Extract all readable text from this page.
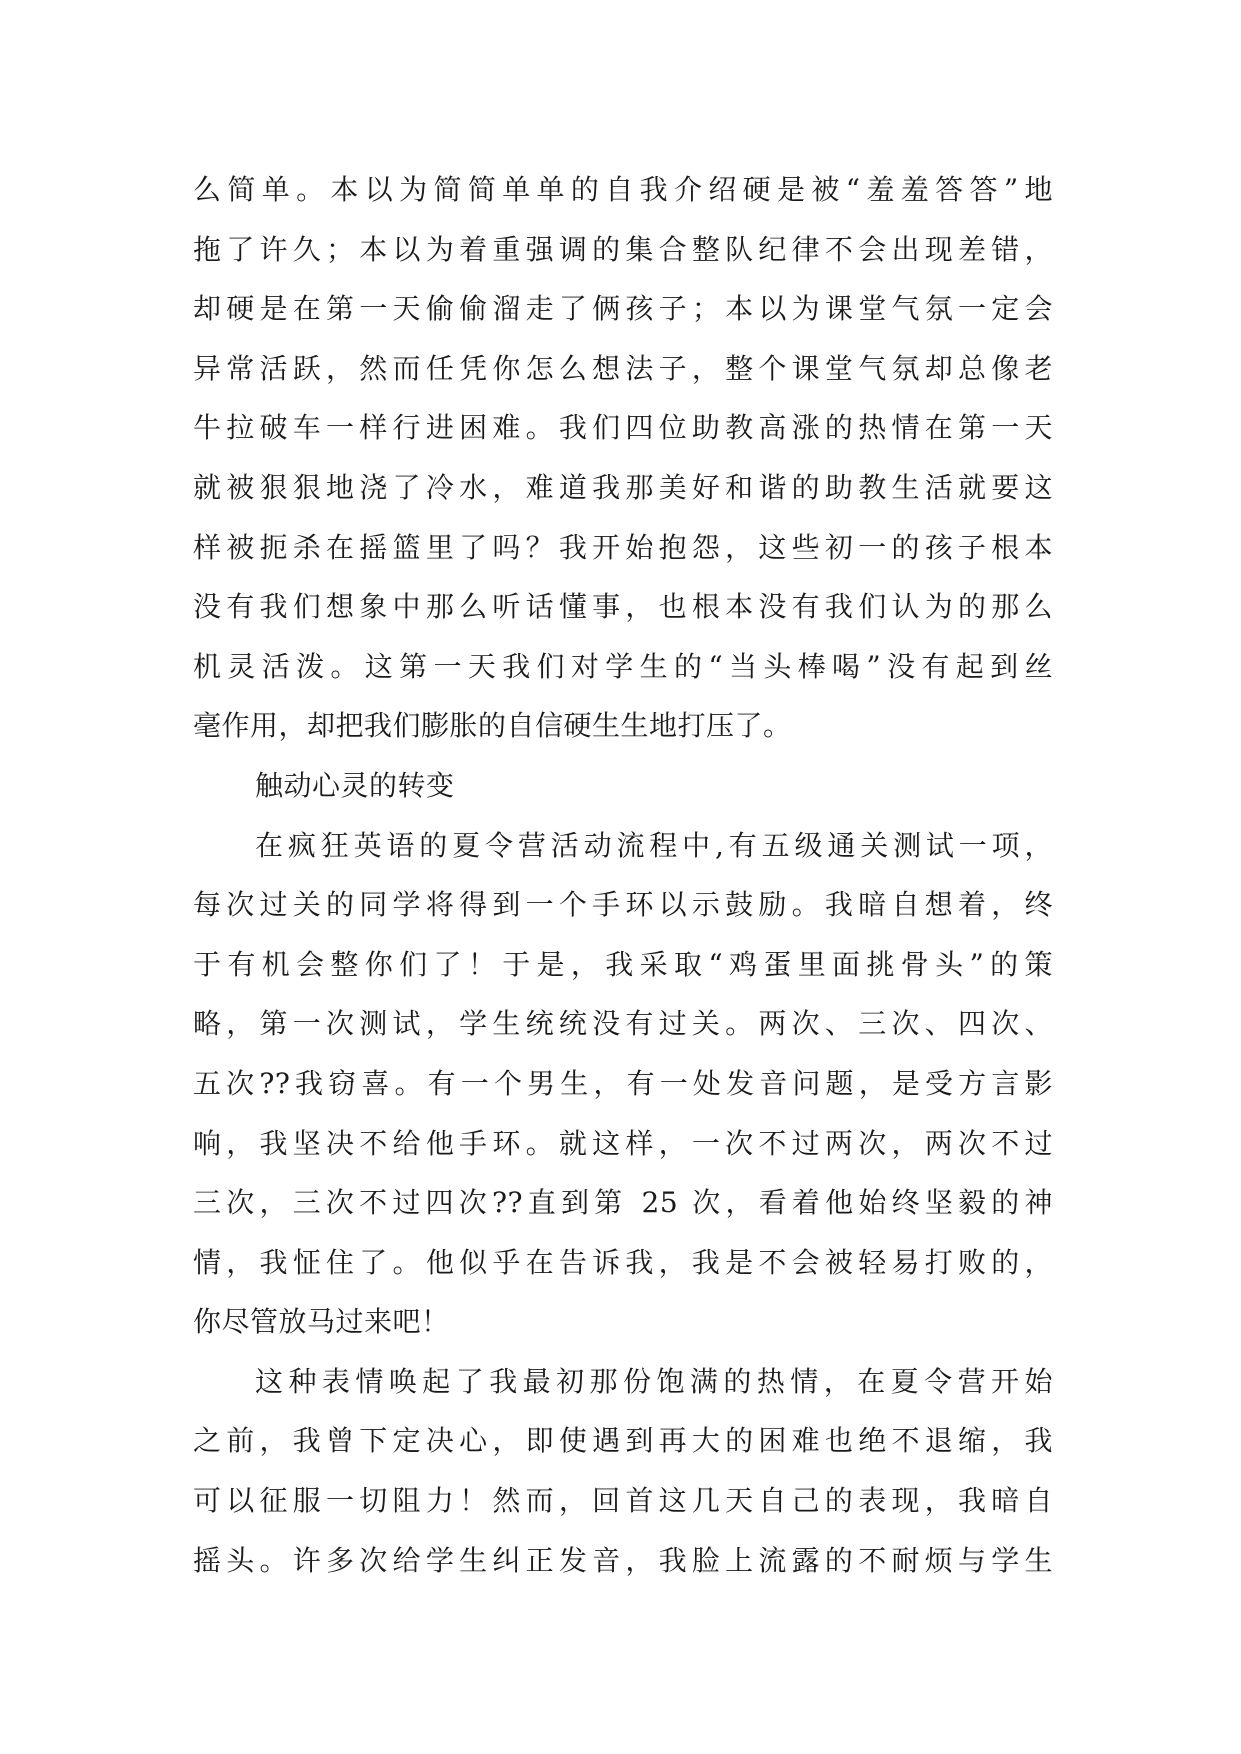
么简单。本以为简简单单的自我介绍硬是被“羞羞答答”地
拖了许久；本以为着重强调的集合整队纪律不会出现差错，
却硬是在第一天偷偷溜走了俩孩子；本以为课堂气氛一定会
异常活跃，然而任凭你怎么想法子，整个课堂气氛却总像老
牛拉破车一样行进困难。我们四位助教高涨的热情在第一天
就被狠狠地浇了冷水，难道我那美好和谐的助教生活就要这
样被扼杀在摇篮里了吗？我开始抱怨，这些初一的孩子根本
没有我们想象中那么听话懂事，也根本没有我们认为的那么
机灵活泼。这第一天我们对学生的“当头棒喝”没有起到丝
毫作用，却把我们膨胀的自信硬生生地打压了。
触动心灵的转变
在疯狂英语的夏令营活动流程中,有五级通关测试一项，
每次过关的同学将得到一个手环以示鼓励。我暗自想着，终
于有机会整你们了！于是，我采取“鸡蛋里面挑骨头”的策
略，第一次测试，学生统统没有过关。两次、三次、四次、
五次??我窃喜。有一个男生，有一处发音问题，是受方言影
响，我坚决不给他手环。就这样，一次不过两次，两次不过
三次，三次不过四次??直到第 25 次，看着他始终坚毅的神
情，我怔住了。他似乎在告诉我，我是不会被轻易打败的，
你尽管放马过来吧！
这种表情唤起了我最初那份饱满的热情，在夏令营开始
之前，我曾下定决心，即使遇到再大的困难也绝不退缩，我
可以征服一切阻力！然而，回首这几天自己的表现，我暗自
摇头。许多次给学生纠正发音，我脸上流露的不耐烦与学生
